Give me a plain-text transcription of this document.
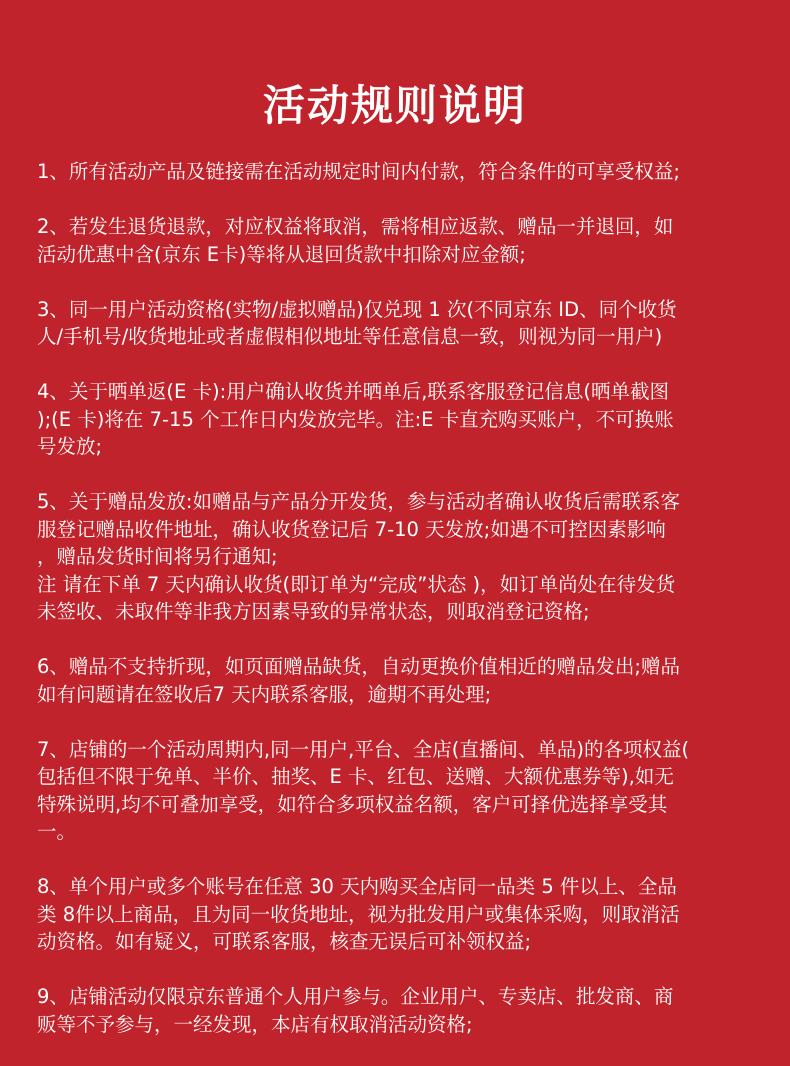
活动规则说明
1、所有活动产品及链接需在活动规定时间内付款，符合条件的可享受权益;
2、若发生退货退款，对应权益将取消，需将相应返款、赠品一并退回，如
活动优惠中含(京东 E卡)等将从退回货款中扣除对应金额;
3、同一用户活动资格(实物/虚拟赠品)仅兑现 1 次(不同京东 ID、同个收货
人/手机号/收货地址或者虚假相似地址等任意信息一致，则视为同一用户)
4、关于晒单返(E 卡):用户确认收货并晒单后,联系客服登记信息(晒单截图
);(E 卡)将在 7-15 个工作日内发放完毕。注:E 卡直充购买账户，不可换账
号发放;
5、关于赠品发放:如赠品与产品分开发货，参与活动者确认收货后需联系客
服登记赠品收件地址，确认收货登记后 7-10 天发放;如遇不可控因素影响
，赠品发货时间将另行通知;
注 请在下单 7 天内确认收货(即订单为“完成”状态 )，如订单尚处在待发货
未签收、未取件等非我方因素导致的异常状态，则取消登记资格;
6、赠品不支持折现，如页面赠品缺货，自动更换价值相近的赠品发出;赠品
如有问题请在签收后7 天内联系客服，逾期不再处理;
7、店铺的一个活动周期内,同一用户,平台、全店(直播间、单品)的各项权益(
包括但不限于免单、半价、抽奖、E 卡、红包、送赠、大额优惠券等),如无
特殊说明,均不可叠加享受，如符合多项权益名额，客户可择优选择享受其
一。
8、单个用户或多个账号在任意 30 天内购买全店同一品类 5 件以上、全品
类 8件以上商品，且为同一收货地址，视为批发用户或集体采购，则取消活
动资格。如有疑义，可联系客服，核查无误后可补领权益;
9、店铺活动仅限京东普通个人用户参与。企业用户、专卖店、批发商、商
贩等不予参与，一经发现，本店有权取消活动资格;
